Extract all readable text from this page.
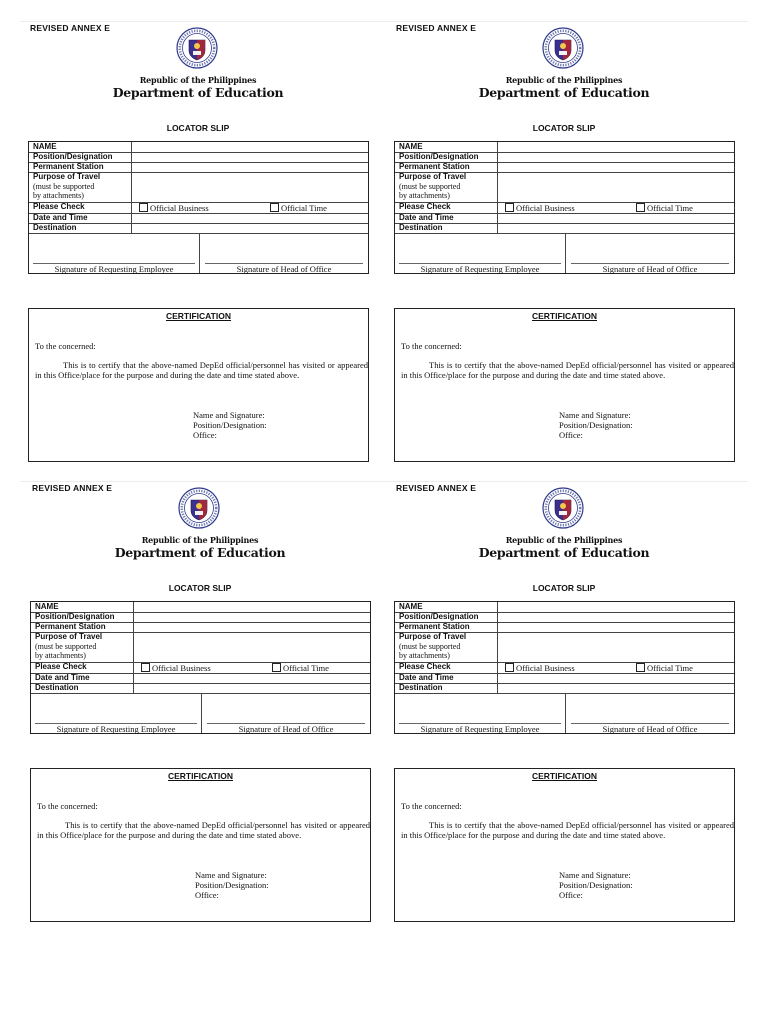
REVISED ANNEX E
Republic of the Philippines
Department of Education
LOCATOR SLIP
NAME
Position/Designation
Permanent Station
Purpose of Travel
(must be supported
by attachments)
Please Check	Official Business	Official Time
Date and Time
Destination
Signature of Requesting Employee	Signature of Head of Office
CERTIFICATION
To the concerned:
This is to certify that the above-named DepEd official/personnel has visited or appeared in this Office/place for the purpose and during the date and time stated above.
Name and Signature:
Position/Designation:
Office:
REVISED ANNEX E
Republic of the Philippines
Department of Education
LOCATOR SLIP
NAME
Position/Designation
Permanent Station
Purpose of Travel
(must be supported
by attachments)
Please Check	Official Business	Official Time
Date and Time
Destination
Signature of Requesting Employee	Signature of Head of Office
CERTIFICATION
To the concerned:
This is to certify that the above-named DepEd official/personnel has visited or appeared in this Office/place for the purpose and during the date and time stated above.
Name and Signature:
Position/Designation:
Office:
REVISED ANNEX E
Republic of the Philippines
Department of Education
LOCATOR SLIP
NAME
Position/Designation
Permanent Station
Purpose of Travel
(must be supported
by attachments)
Please Check	Official Business	Official Time
Date and Time
Destination
Signature of Requesting Employee	Signature of Head of Office
CERTIFICATION
To the concerned:
This is to certify that the above-named DepEd official/personnel has visited or appeared in this Office/place for the purpose and during the date and time stated above.
Name and Signature:
Position/Designation:
Office:
REVISED ANNEX E
Republic of the Philippines
Department of Education
LOCATOR SLIP
NAME
Position/Designation
Permanent Station
Purpose of Travel
(must be supported
by attachments)
Please Check	Official Business	Official Time
Date and Time
Destination
Signature of Requesting Employee	Signature of Head of Office
CERTIFICATION
To the concerned:
This is to certify that the above-named DepEd official/personnel has visited or appeared in this Office/place for the purpose and during the date and time stated above.
Name and Signature:
Position/Designation:
Office:
